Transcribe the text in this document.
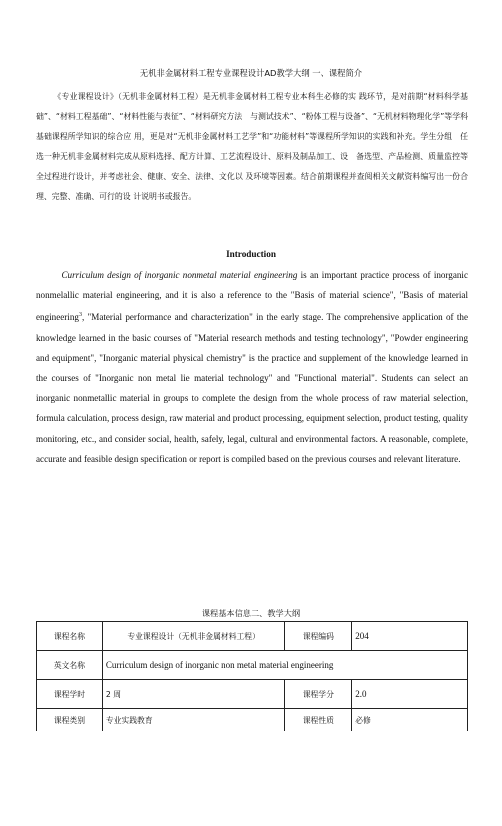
无机非金属材料工程专业课程设计AD教学大纲 一、课程简介
《专业课程设计》（无机非金属材料工程）是无机非金属材料工程专业本科生必修的实 践环节，是对前期“材料科学基础”、“材料工程基础”、“材料性能与表征”、“材料研究方法　与测试技术”、“粉体工程与设备”、“无机材料物理化学”等学科基础课程所学知识的综合应 用，更是对“无机非金属材料工艺学”和“功能材料”等课程所学知识的实践和补充。学生分组　任选一种无机非金属材料完成从原料选择、配方计算、工艺流程设计、原料及制品加工、设　备选型、产品检测、质量监控等全过程进行设计，并考虑社会、健康、安全、法律、文化以 及环境等因素。结合前期课程并查阅相关文献资料编写出一份合理、完整、准确、可行的设 计说明书或报告。
Introduction
Curriculum design of inorganic nonmetal material engineering is an important practice process of inorganic nonmelallic material engineering, and it is also a reference to the "Basis of material science", "Basis of material engineering$^3$, "Material performance and characterization" in the early stage. The comprehensive application of the knowledge learned in the basic courses of "Material research methods and testing technology", "Powder engineering and equipment", "Inorganic material physical chemistry" is the practice and supplement of the knowledge learned in the courses of "Inorganic non metal lie material technology" and "Functional material". Students can select an inorganic nonmetallic material in groups to complete the design from the whole process of raw material selection, formula calculation, process design, raw material and product processing, equipment selection, product testing, quality monitoring, etc., and consider social, health, safely, legal, cultural and environmental factors. A reasonable, complete, accurate and feasible design specification or report is compiled based on the previous courses and relevant literature.
课程基本信息二、教学大纲
课程名称	专业课程设计（无机非金属材料工程）	课程编码	204
英文名称	Curriculum design of inorganic non metal material engineering		
课程学时	2 周	课程学分	2.0
课程类别	专业实践教育	课程性质	必修
